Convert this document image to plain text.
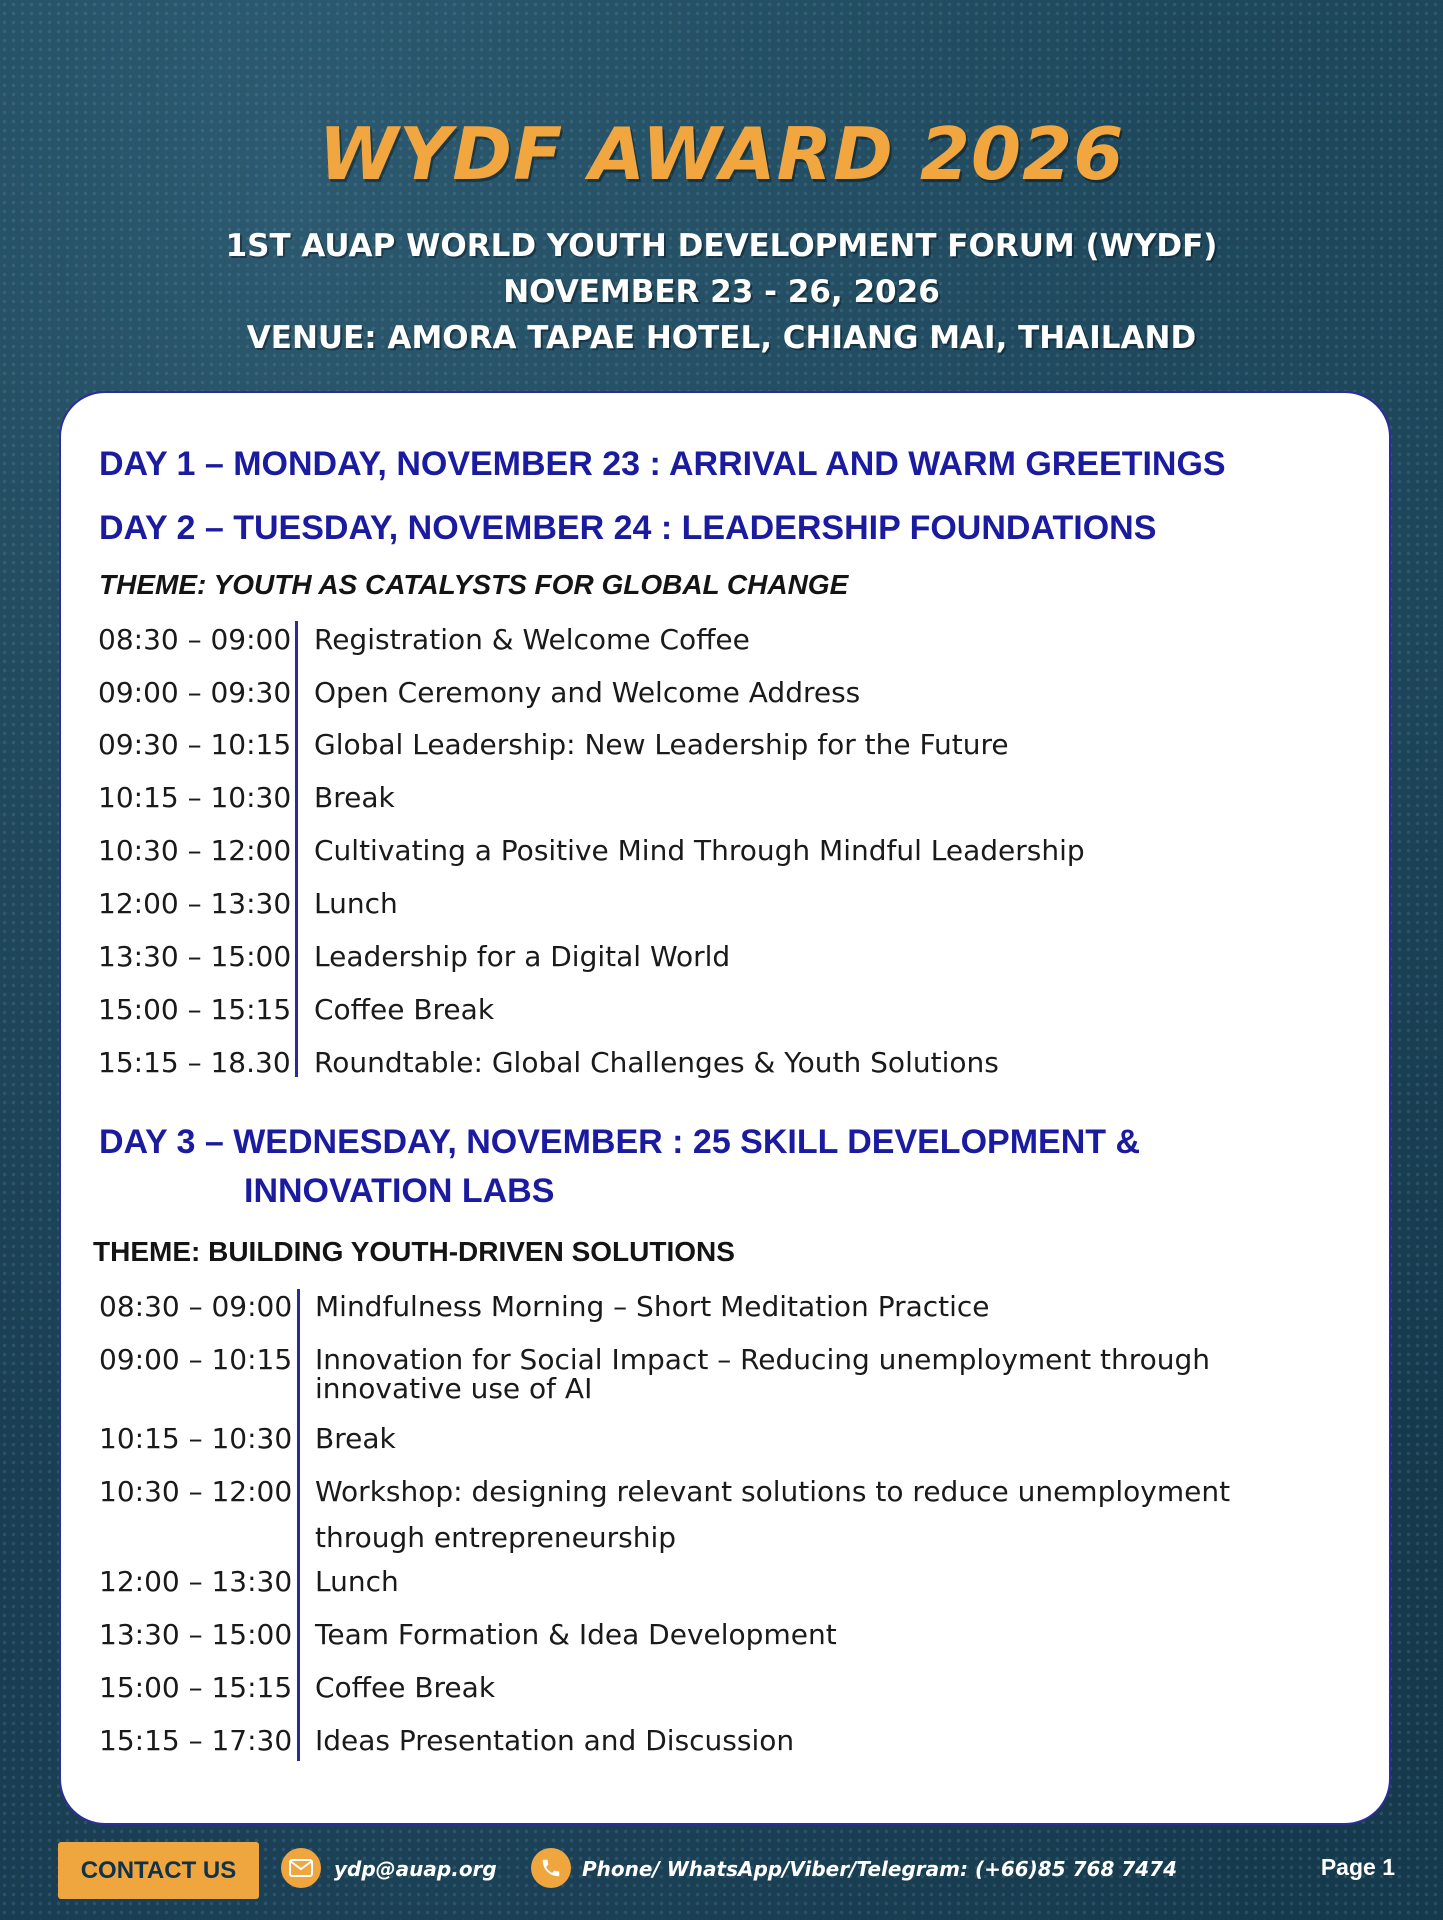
WYDF AWARD 2026
1ST AUAP WORLD YOUTH DEVELOPMENT FORUM (WYDF)
NOVEMBER 23 - 26, 2026
VENUE: AMORA TAPAE HOTEL, CHIANG MAI, THAILAND
DAY 1 – MONDAY, NOVEMBER 23 : ARRIVAL AND WARM GREETINGS
DAY 2 – TUESDAY, NOVEMBER 24 : LEADERSHIP FOUNDATIONS
THEME: YOUTH AS CATALYSTS FOR GLOBAL CHANGE
08:30 – 09:00 Registration & Welcome Coffee
09:00 – 09:30 Open Ceremony and Welcome Address
09:30 – 10:15 Global Leadership: New Leadership for the Future
10:15 – 10:30 Break
10:30 – 12:00 Cultivating a Positive Mind Through Mindful Leadership
12:00 – 13:30 Lunch
13:30 – 15:00 Leadership for a Digital World
15:00 – 15:15 Coffee Break
15:15 – 18.30 Roundtable: Global Challenges & Youth Solutions
DAY 3 – WEDNESDAY, NOVEMBER : 25 SKILL DEVELOPMENT &
INNOVATION LABS
THEME: BUILDING YOUTH-DRIVEN SOLUTIONS
08:30 – 09:00 Mindfulness Morning – Short Meditation Practice
09:00 – 10:15 Innovation for Social Impact – Reducing unemployment through
innovative use of AI
10:15 – 10:30 Break
10:30 – 12:00 Workshop: designing relevant solutions to reduce unemployment
through entrepreneurship
12:00 – 13:30 Lunch
13:30 – 15:00 Team Formation & Idea Development
15:00 – 15:15 Coffee Break
15:15 – 17:30 Ideas Presentation and Discussion
CONTACT US	ydp@auap.org	Phone/ WhatsApp/Viber/Telegram: (+66)85 768 7474	Page 1
